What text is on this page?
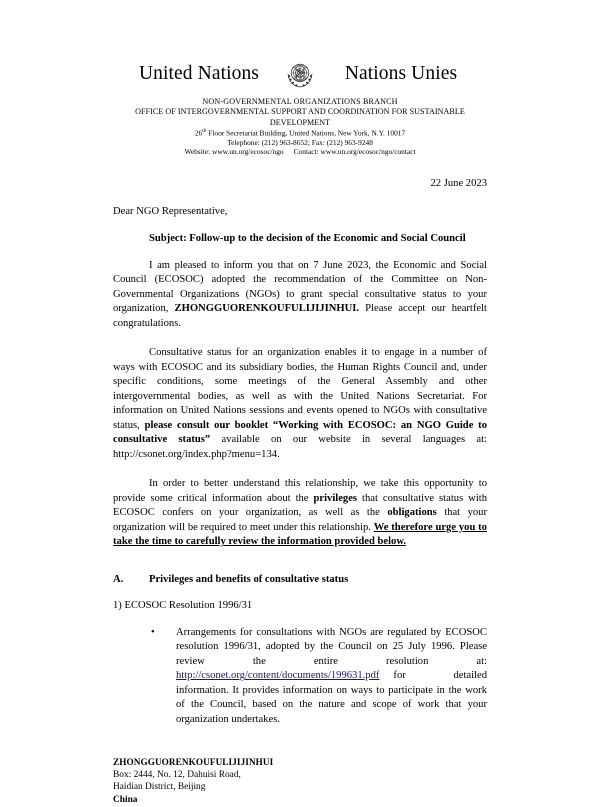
United Nations	Nations Unies
NON-GOVERNMENTAL ORGANIZATIONS BRANCH
OFFICE OF INTERGOVERNMENTAL SUPPORT AND COORDINATION FOR SUSTAINABLE DEVELOPMENT
26th Floor Secretariat Building, United Nations, New York, N.Y. 10017
Telephone: (212) 963-8652; Fax: (212) 963-9248
Website: www.un.org/ecosoc/ngo Contact: www.un.org/ecosoc/ngo/contact
22 June 2023
Dear NGO Representative,
Subject: Follow-up to the decision of the Economic and Social Council

I am pleased to inform you that on 7 June 2023, the Economic and Social Council (ECOSOC) adopted the recommendation of the Committee on Non-Governmental Organizations (NGOs) to grant special consultative status to your organization, ZHONGGUORENKOUFULIJIJINHUI. Please accept our heartfelt congratulations.

Consultative status for an organization enables it to engage in a number of ways with ECOSOC and its subsidiary bodies, the Human Rights Council and, under specific conditions, some meetings of the General Assembly and other intergovernmental bodies, as well as with the United Nations Secretariat. For information on United Nations sessions and events opened to NGOs with consultative status, please consult our booklet “Working with ECOSOC: an NGO Guide to consultative status” available on our website in several languages at: http://csonet.org/index.php?menu=134.

In order to better understand this relationship, we take this opportunity to provide some critical information about the privileges that consultative status with ECOSOC confers on your organization, as well as the obligations that your organization will be required to meet under this relationship. We therefore urge you to take the time to carefully review the information provided below.

A.	Privileges and benefits of consultative status
1) ECOSOC Resolution 1996/31
• Arrangements for consultations with NGOs are regulated by ECOSOC resolution 1996/31, adopted by the Council on 25 July 1996. Please review the entire resolution at: http://csonet.org/content/documents/199631.pdf for detailed information. It provides information on ways to participate in the work of the Council, based on the nature and scope of work that your organization undertakes.
ZHONGGUORENKOUFULIJIJINHUI
Box: 2444, No. 12, Dahuisi Road,
Haidian District, Beijing
China
